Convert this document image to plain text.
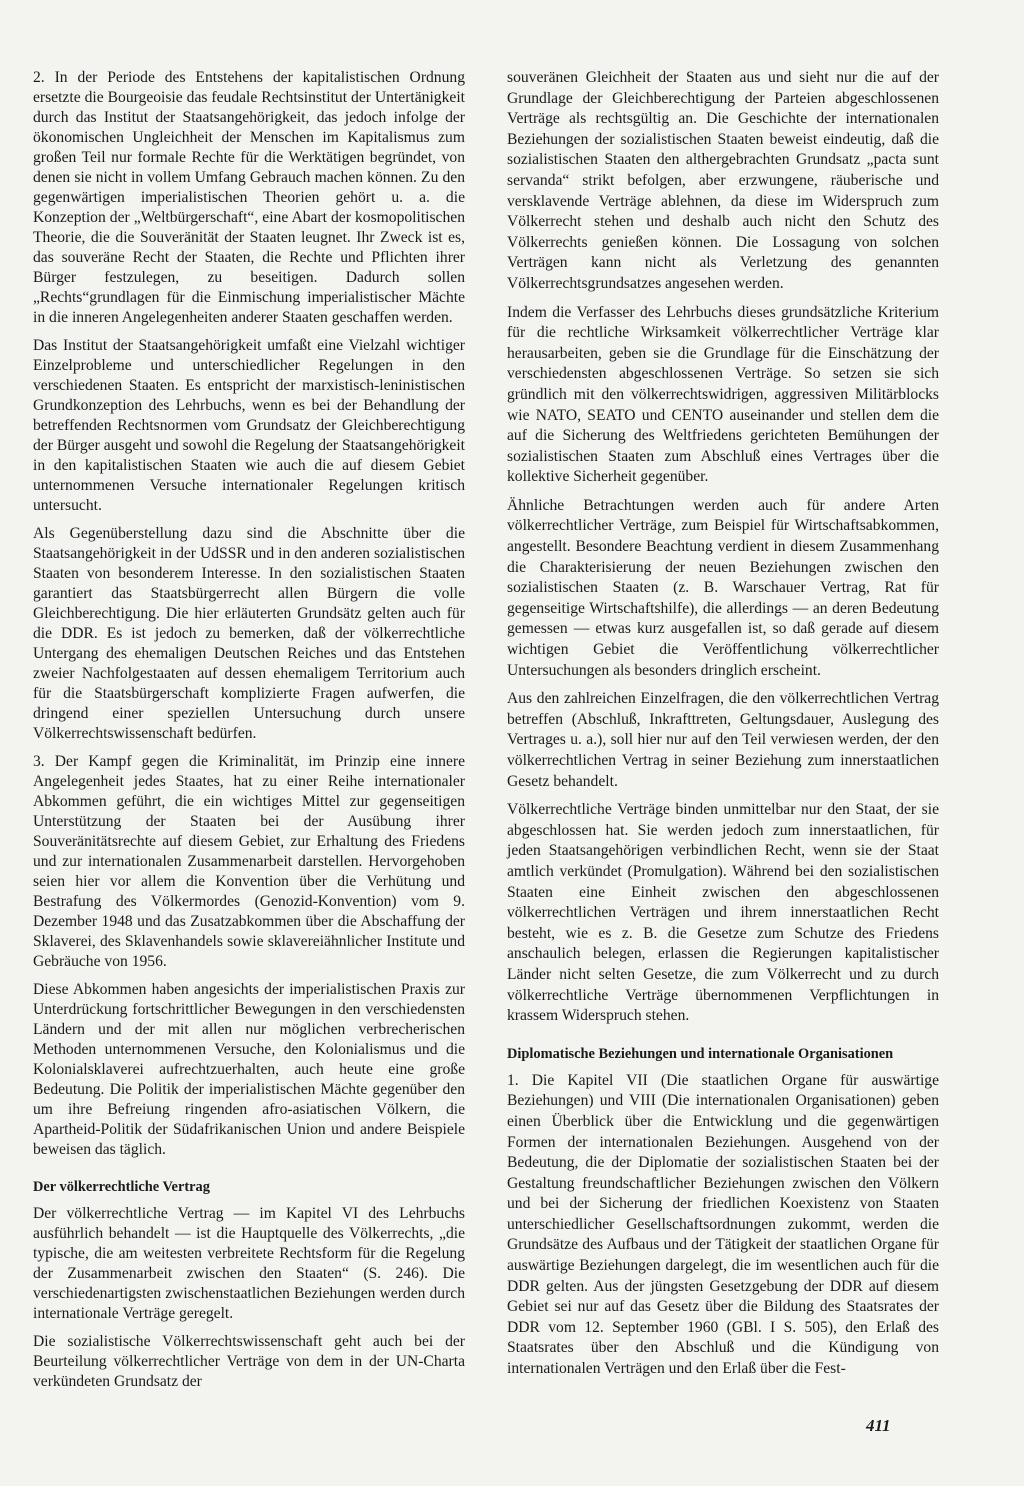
2. In der Periode des Entstehens der kapitalistischen Ordnung ersetzte die Bourgeoisie das feudale Rechtsinstitut der Untertänigkeit durch das Institut der Staatsangehörigkeit, das jedoch infolge der ökonomischen Ungleichheit der Menschen im Kapitalismus zum großen Teil nur formale Rechte für die Werktätigen begründet, von denen sie nicht in vollem Umfang Gebrauch machen können. Zu den gegenwärtigen imperialistischen Theorien gehört u. a. die Konzeption der „Weltbürgerschaft“, eine Abart der kosmopolitischen Theorie, die die Souveränität der Staaten leugnet. Ihr Zweck ist es, das souveräne Recht der Staaten, die Rechte und Pflichten ihrer Bürger festzulegen, zu beseitigen. Dadurch sollen „Rechts“grundlagen für die Einmischung imperialistischer Mächte in die inneren Angelegenheiten anderer Staaten geschaffen werden.

Das Institut der Staatsangehörigkeit umfaßt eine Vielzahl wichtiger Einzelprobleme und unterschiedlicher Regelungen in den verschiedenen Staaten. Es entspricht der marxistisch-leninistischen Grundkonzeption des Lehrbuchs, wenn es bei der Behandlung der betreffenden Rechtsnormen vom Grundsatz der Gleichberechtigung der Bürger ausgeht und sowohl die Regelung der Staatsangehörigkeit in den kapitalistischen Staaten wie auch die auf diesem Gebiet unternommenen Versuche internationaler Regelungen kritisch untersucht.

Als Gegenüberstellung dazu sind die Abschnitte über die Staatsangehörigkeit in der UdSSR und in den anderen sozialistischen Staaten von besonderem Interesse. In den sozialistischen Staaten garantiert das Staatsbürgerrecht allen Bürgern die volle Gleichberechtigung. Die hier erläuterten Grundsätz gelten auch für die DDR. Es ist jedoch zu bemerken, daß der völkerrechtliche Untergang des ehemaligen Deutschen Reiches und das Entstehen zweier Nachfolgestaaten auf dessen ehemaligem Territorium auch für die Staatsbürgerschaft komplizierte Fragen aufwerfen, die dringend einer speziellen Untersuchung durch unsere Völkerrechtswissenschaft bedürfen.

3. Der Kampf gegen die Kriminalität, im Prinzip eine innere Angelegenheit jedes Staates, hat zu einer Reihe internationaler Abkommen geführt, die ein wichtiges Mittel zur gegenseitigen Unterstützung der Staaten bei der Ausübung ihrer Souveränitätsrechte auf diesem Gebiet, zur Erhaltung des Friedens und zur internationalen Zusammenarbeit darstellen. Hervorgehoben seien hier vor allem die Konvention über die Verhütung und Bestrafung des Völkermordes (Genozid-Konvention) vom 9. Dezember 1948 und das Zusatzabkommen über die Abschaffung der Sklaverei, des Sklavenhandels sowie sklavereiähnlicher Institute und Gebräuche von 1956.

Diese Abkommen haben angesichts der imperialistischen Praxis zur Unterdrückung fortschrittlicher Bewegungen in den verschiedensten Ländern und der mit allen nur möglichen verbrecherischen Methoden unternommenen Versuche, den Kolonialismus und die Kolonialsklaverei aufrechtzuerhalten, auch heute eine große Bedeutung. Die Politik der imperialistischen Mächte gegenüber den um ihre Befreiung ringenden afro-asiatischen Völkern, die Apartheid-Politik der Südafrikanischen Union und andere Beispiele beweisen das täglich.

Der völkerrechtliche Vertrag

Der völkerrechtliche Vertrag — im Kapitel VI des Lehrbuchs ausführlich behandelt — ist die Hauptquelle des Völkerrechts, „die typische, die am weitesten verbreitete Rechtsform für die Regelung der Zusammenarbeit zwischen den Staaten“ (S. 246). Die verschiedenartigsten zwischenstaatlichen Beziehungen werden durch internationale Verträge geregelt.

Die sozialistische Völkerrechtswissenschaft geht auch bei der Beurteilung völkerrechtlicher Verträge von dem in der UN-Charta verkündeten Grundsatz der

souveränen Gleichheit der Staaten aus und sieht nur die auf der Grundlage der Gleichberechtigung der Parteien abgeschlossenen Verträge als rechtsgültig an. Die Geschichte der internationalen Beziehungen der sozialistischen Staaten beweist eindeutig, daß die sozialistischen Staaten den althergebrachten Grundsatz „pacta sunt servanda“ strikt befolgen, aber erzwungene, räuberische und versklavende Verträge ablehnen, da diese im Widerspruch zum Völkerrecht stehen und deshalb auch nicht den Schutz des Völkerrechts genießen können. Die Lossagung von solchen Verträgen kann nicht als Verletzung des genannten Völkerrechtsgrundsatzes angesehen werden.

Indem die Verfasser des Lehrbuchs dieses grundsätzliche Kriterium für die rechtliche Wirksamkeit völkerrechtlicher Verträge klar herausarbeiten, geben sie die Grundlage für die Einschätzung der verschiedensten abgeschlossenen Verträge. So setzen sie sich gründlich mit den völkerrechtswidrigen, aggressiven Militärblocks wie NATO, SEATO und CENTO auseinander und stellen dem die auf die Sicherung des Weltfriedens gerichteten Bemühungen der sozialistischen Staaten zum Abschluß eines Vertrages über die kollektive Sicherheit gegenüber.

Ähnliche Betrachtungen werden auch für andere Arten völkerrechtlicher Verträge, zum Beispiel für Wirtschaftsabkommen, angestellt. Besondere Beachtung verdient in diesem Zusammenhang die Charakterisierung der neuen Beziehungen zwischen den sozialistischen Staaten (z. B. Warschauer Vertrag, Rat für gegenseitige Wirtschaftshilfe), die allerdings — an deren Bedeutung gemessen — etwas kurz ausgefallen ist, so daß gerade auf diesem wichtigen Gebiet die Veröffentlichung völkerrechtlicher Untersuchungen als besonders dringlich erscheint.

Aus den zahlreichen Einzelfragen, die den völkerrechtlichen Vertrag betreffen (Abschluß, Inkrafttreten, Geltungsdauer, Auslegung des Vertrages u. a.), soll hier nur auf den Teil verwiesen werden, der den völkerrechtlichen Vertrag in seiner Beziehung zum innerstaatlichen Gesetz behandelt.

Völkerrechtliche Verträge binden unmittelbar nur den Staat, der sie abgeschlossen hat. Sie werden jedoch zum innerstaatlichen, für jeden Staatsangehörigen verbindlichen Recht, wenn sie der Staat amtlich verkündet (Promulgation). Während bei den sozialistischen Staaten eine Einheit zwischen den abgeschlossenen völkerrechtlichen Verträgen und ihrem innerstaatlichen Recht besteht, wie es z. B. die Gesetze zum Schutze des Friedens anschaulich belegen, erlassen die Regierungen kapitalistischer Länder nicht selten Gesetze, die zum Völkerrecht und zu durch völkerrechtliche Verträge übernommenen Verpflichtungen in krassem Widerspruch stehen.

Diplomatische Beziehungen und internationale Organisationen

1. Die Kapitel VII (Die staatlichen Organe für auswärtige Beziehungen) und VIII (Die internationalen Organisationen) geben einen Überblick über die Entwicklung und die gegenwärtigen Formen der internationalen Beziehungen. Ausgehend von der Bedeutung, die der Diplomatie der sozialistischen Staaten bei der Gestaltung freundschaftlicher Beziehungen zwischen den Völkern und bei der Sicherung der friedlichen Koexistenz von Staaten unterschiedlicher Gesellschaftsordnungen zukommt, werden die Grundsätze des Aufbaus und der Tätigkeit der staatlichen Organe für auswärtige Beziehungen dargelegt, die im wesentlichen auch für die DDR gelten. Aus der jüngsten Gesetzgebung der DDR auf diesem Gebiet sei nur auf das Gesetz über die Bildung des Staatsrates der DDR vom 12. September 1960 (GBl. I S. 505), den Erlaß des Staatsrates über den Abschluß und die Kündigung von internationalen Verträgen und den Erlaß über die Fest-

411
